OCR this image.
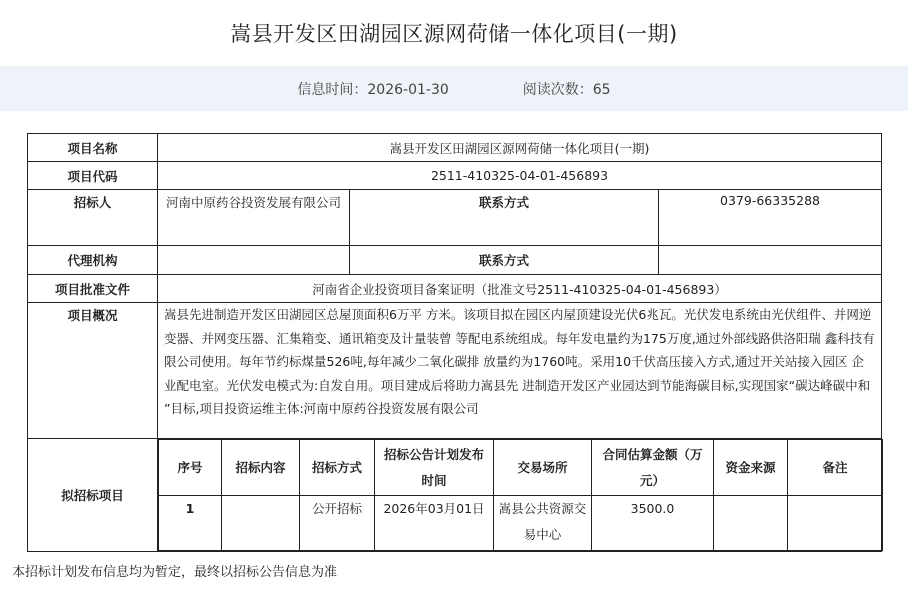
嵩县开发区田湖园区源网荷储一体化项目(一期)
信息时间：2026-01-30	阅读次数：65
项目名称	嵩县开发区田湖园区源网荷储一体化项目(一期)
项目代码	2511-410325-04-01-456893
招标人	河南中原药谷投资发展有限公司	联系方式	0379-66335288
代理机构		联系方式	
项目批准文件	河南省企业投资项目备案证明（批准文号2511-410325-04-01-456893）
项目概况	嵩县先进制造开发区田湖园区总屋顶面积6万平 方米。该项目拟在园区内屋顶建设光伏6兆瓦。光伏发电系统由光伏组件、并网逆变器、并网变压器、汇集箱变、通讯箱变及计量装曾 等配电系统组成。每年发电量约为175万度,通过外部线路供洛阳瑞 鑫科技有限公司使用。每年节约标煤量526吨,每年减少二氧化碳排 放量约为1760吨。采用10千伏高压接入方式,通过开关站接入园区 企业配电室。光伏发电模式为:自发自用。项目建成后将助力嵩县先 进制造开发区产业园达到节能海碳目标,实现国家“碳达峰碳中和 ”目标,项目投资运维主体:河南中原药谷投资发展有限公司
拟招标项目	
序号	招标内容	招标方式	招标公告计划发布时间	交易场所	合同估算金额（万元）	资金来源	备注
1		公开招标	2026年03月01日	嵩县公共资源交易中心	3500.0		
本招标计划发布信息均为暂定，最终以招标公告信息为准
